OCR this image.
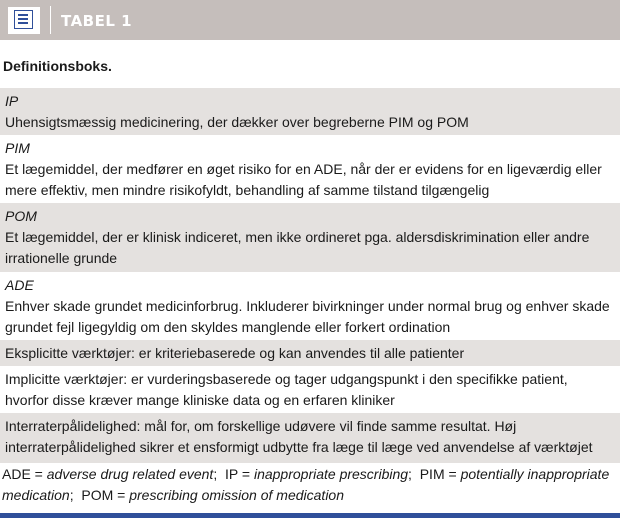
TABEL 1
Definitionsboks.
IP
Uhensigtsmæssig medicinering, der dækker over begreberne PIM og POM
PIM
Et lægemiddel, der medfører en øget risiko for en ADE, når der er evidens for en ligeværdig eller mere effektiv, men mindre risikofyldt, behandling af samme tilstand tilgængelig
POM
Et lægemiddel, der er klinisk indiceret, men ikke ordineret pga. aldersdiskrimination eller andre irrationelle grunde
ADE
Enhver skade grundet medicinforbrug. Inkluderer bivirkninger under normal brug og enhver skade grundet fejl ligegyldig om den skyldes manglende eller forkert ordination
Eksplicitte værktøjer: er kriteriebaserede og kan anvendes til alle patienter
Implicitte værktøjer: er vurderingsbaserede og tager udgangspunkt i den specifikke patient, hvorfor disse kræver mange kliniske data og en erfaren kliniker
Interraterpålidelighed: mål for, om forskellige udøvere vil finde samme resultat. Høj interraterpålidelighed sikrer et ensformigt udbytte fra læge til læge ved anvendelse af værktøjet
ADE = adverse drug related event;  IP = inappropriate prescribing;  PIM = potentially inappropriate medication;  POM = prescribing omission of medication
